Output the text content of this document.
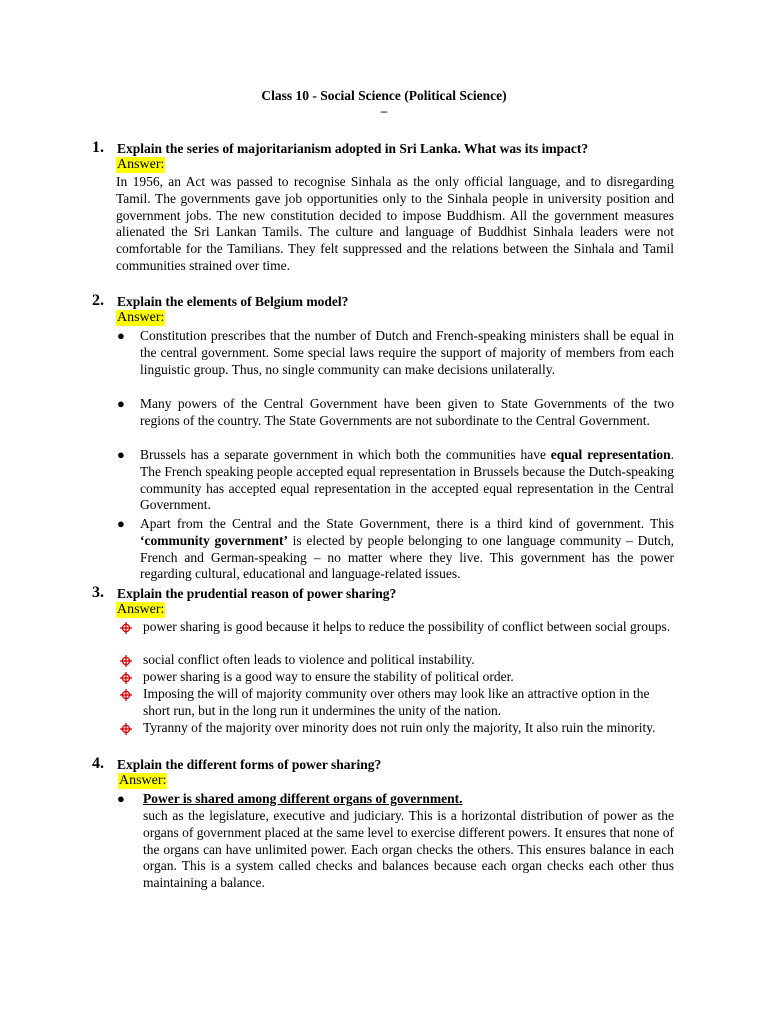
Class 10 - Social Science (Political Science)
–
1. Explain the series of majoritarianism adopted in Sri Lanka. What was its impact?
Answer:

In 1956, an Act was passed to recognise Sinhala as the only official language, and to disregarding Tamil. The governments gave job opportunities only to the Sinhala people in university position and government jobs. The new constitution decided to impose Buddhism. All the government measures alienated the Sri Lankan Tamils. The culture and language of Buddhist Sinhala leaders were not comfortable for the Tamilians. They felt suppressed and the relations between the Sinhala and Tamil communities strained over time.

2. Explain the elements of Belgium model?
Answer:
● Constitution prescribes that the number of Dutch and French-speaking ministers shall be equal in the central government. Some special laws require the support of majority of members from each linguistic group. Thus, no single community can make decisions unilaterally.

● Many powers of the Central Government have been given to State Governments of the two regions of the country. The State Governments are not subordinate to the Central Government.

● Brussels has a separate government in which both the communities have equal representation. The French speaking people accepted equal representation in Brussels because the Dutch-speaking community has accepted equal representation in the accepted equal representation in the Central Government.

● Apart from the Central and the State Government, there is a third kind of government. This ‘community government’ is elected by people belonging to one language community – Dutch, French and German-speaking – no matter where they live. This government has the power regarding cultural, educational and language-related issues.

3. Explain the prudential reason of power sharing?
Answer:

power sharing is good because it helps to reduce the possibility of conflict between social groups.

social conflict often leads to violence and political instability.

power sharing is a good way to ensure the stability of political order.

Imposing the will of majority community over others may look like an attractive option in the short run, but in the long run it undermines the unity of the nation.

Tyranny of the majority over minority does not ruin only the majority, It also ruin the minority.

4. Explain the different forms of power sharing?
Answer:
● Power is shared among different organs of government.

such as the legislature, executive and judiciary. This is a horizontal distribution of power as the organs of government placed at the same level to exercise different powers. It ensures that none of the organs can have unlimited power. Each organ checks the others. This ensures balance in each organ. This is a system called checks and balances because each organ checks each other thus maintaining a balance.
